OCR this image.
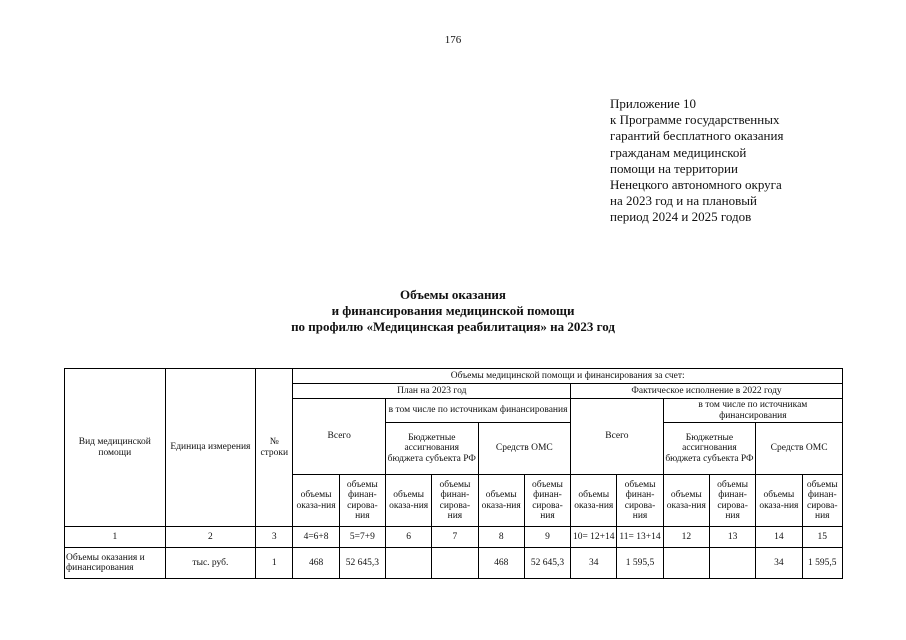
176
Приложение 10
к Программе государственных
гарантий бесплатного оказания
гражданам медицинской
помощи на территории
Ненецкого автономного округа
на 2023 год и на плановый
период 2024 и 2025 годов
Объемы оказания
и финансирования медицинской помощи
по профилю «Медицинская реабилитация» на 2023 год
Вид медицинской помощи	Единица измерения	№ строки	Объемы медицинской помощи и финансирования за счет:											
			План на 2023 год						Фактическое исполнение в 2022 году					
			Всего		в том числе по источникам финансирования				Всего		в том числе по источникам финансирования			
					Бюджетные ассигнования бюджета субъекта РФ		Средств ОМС				Бюджетные ассигнования бюджета субъекта РФ		Средств ОМС	
			объемы оказа-ния	объемы финан-сирова-ния	объемы оказа-ния	объемы финан-сирова-ния	объемы оказа-ния	объемы финан-сирова-ния	объемы оказа-ния	объемы финан-сирова-ния	объемы оказа-ния	объемы финан-сирова-ния	объемы оказа-ния	объемы финан-сирова-ния
1	2	3	4=6+8	5=7+9	6	7	8	9	10= 12+14	11= 13+14	12	13	14	15
Объемы оказания и финансирования	тыс. руб.	1	468	52 645,3			468	52 645,3	34	1 595,5			34	1 595,5
